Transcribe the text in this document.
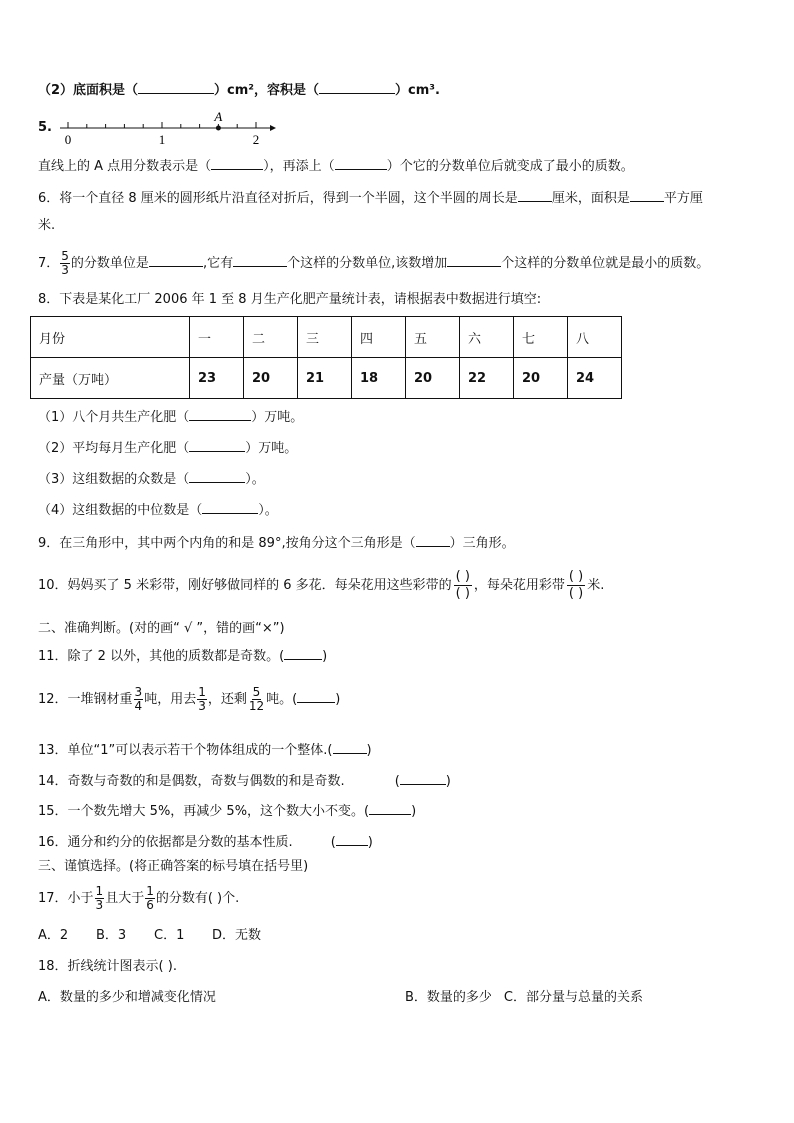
（2）底面积是（	）cm²，容积是（	）cm³.
5.
A
0	1	2
直线上的 A 点用分数表示是（	），再添上（	）个它的分数单位后就变成了最小的质数。
6．将一个直径 8 厘米的圆形纸片沿直径对折后，得到一个半圆，这个半圆的周长是	厘米，面积是	平方厘
米.
7． $\frac{5}{3}$ 的分数单位是	,它有	个这样的分数单位,该数增加	个这样的分数单位就是最小的质数。
8．下表是某化工厂 2006 年 1 至 8 月生产化肥产量统计表，请根据表中数据进行填空:
月份	一	二	三	四	五	六	七	八
产量（万吨）	23	20	21	18	20	22	20	24
（1）八个月共生产化肥（	）万吨。
（2）平均每月生产化肥（	）万吨。
（3）这组数据的众数是（	）。
（4）这组数据的中位数是（	）。
9．在三角形中，其中两个内角的和是 89°,按角分这个三角形是（	）三角形。
10．妈妈买了 5 米彩带，刚好够做同样的 6 多花．每朵花用这些彩带的 $\frac{( )}{( )}$ ，每朵花用彩带 $\frac{( )}{( )}$ 米.
二、准确判断。(对的画“ √ ”，错的画“×”)
11．除了 2 以外，其他的质数都是奇数。(	)
12．一堆钢材重 $\frac{3}{4}$ 吨，用去 $\frac{1}{3}$ ，还剩 $\frac{5}{12}$ 吨。(	)
13．单位“1”可以表示若干个物体组成的一个整体.(	)
14．奇数与奇数的和是偶数，奇数与偶数的和是奇数.	(	)
15．一个数先增大 5%，再减少 5%，这个数大小不变。(	)
16．通分和约分的依据都是分数的基本性质.	( )
三、谨慎选择。(将正确答案的标号填在括号里)
17．小于 $\frac{1}{3}$ 且大于 $\frac{1}{6}$ 的分数有( )个.
A．2 B．3 C．1 D．无数
18．折线统计图表示( ).
A．数量的多少和增减变化情况	B．数量的多少 C．部分量与总量的关系
